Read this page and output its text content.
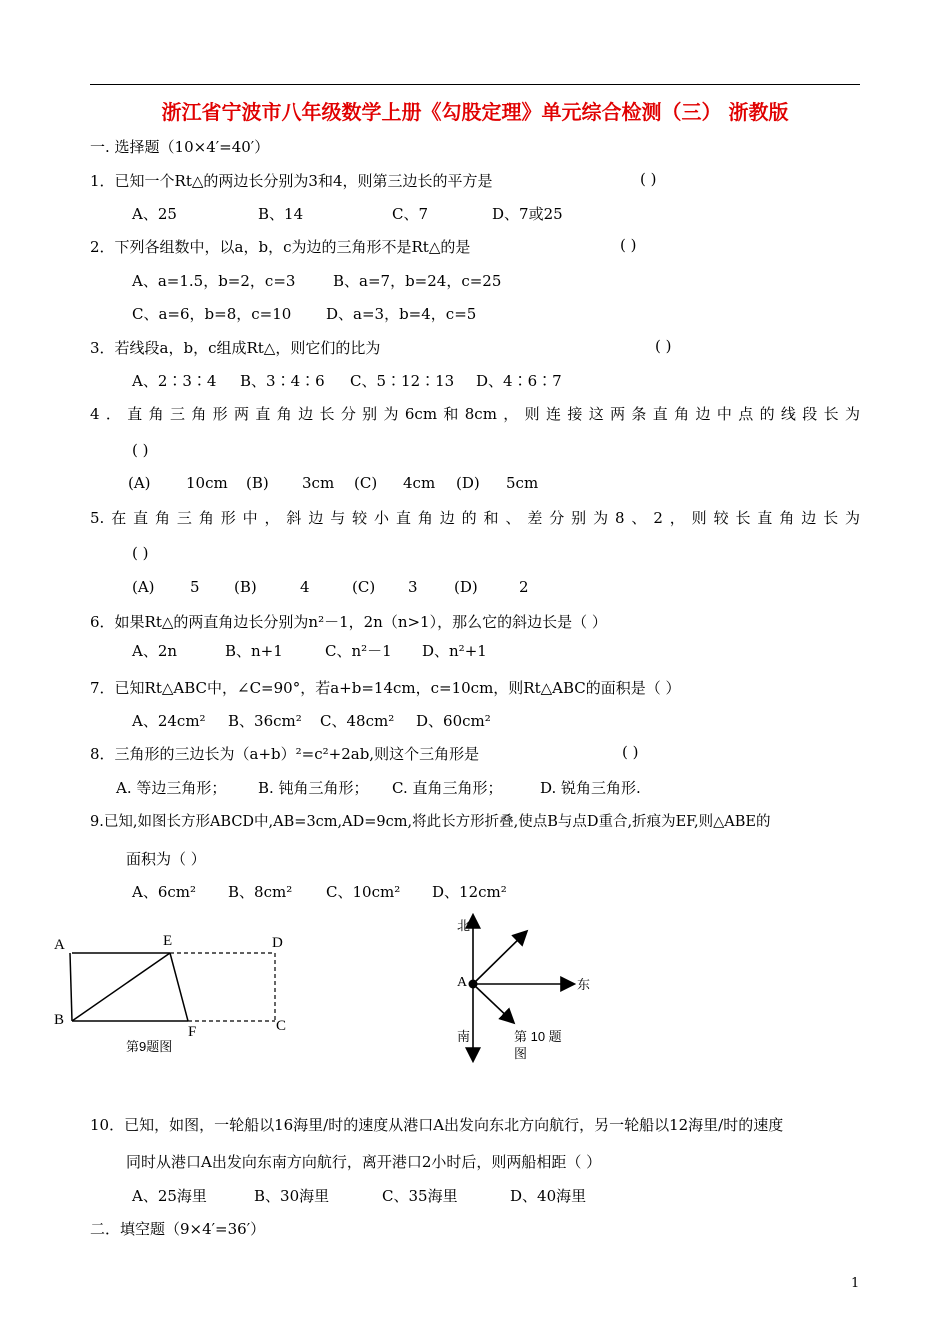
浙江省宁波市八年级数学上册《勾股定理》单元综合检测（三） 浙教版
一. 选择题（10×4′=40′）
1．已知一个Rt△的两边长分别为3和4，则第三边长的平方是	( )
A、25	B、14	C、7	D、7或25
2．下列各组数中，以a，b，c为边的三角形不是Rt△的是	( )
A、a=1.5，b=2，c=3	B、a=7，b=24，c=25
C、a=6，b=8，c=10 D、a=3，b=4，c=5
3．若线段a，b，c组成Rt△，则它们的比为	( )
A、2∶3∶4 B、3∶4∶6 C、5∶12∶13 D、4∶6∶7
4．直角三角形两直角边长分别为6cm和8cm，则连接这两条直角边中点的线段长为
( )
(A) 10cm (B) 3cm (C) 4cm (D) 5cm
5.在直角三角形中，斜边与较小直角边的和、差分别为8、2，则较长直角边长为
( )
(A) 5 (B)	4	(C) 3 (D)	2
6．如果Rt△的两直角边长分别为n²－1，2n（n>1），那么它的斜边长是（ ）
A、2n	B、n+1	C、n²－1 D、n²+1
7．已知Rt△ABC中，∠C=90°，若a+b=14cm，c=10cm，则Rt△ABC的面积是（ ）
A、24cm² B、36cm² C、48cm² D、60cm²
8．三角形的三边长为（a+b）²=c²+2ab,则这个三角形是	( )
A. 等边三角形； B. 钝角三角形； C. 直角三角形；	D. 锐角三角形.
9.已知,如图长方形ABCD中,AB=3cm,AD=9cm,将此长方形折叠,使点B与点D重合,折痕为EF,则△ABE的
面积为（ ）
A、6cm² B、8cm² C、10cm² D、12cm²
A	E	D
B
F	C
第9题图
北
南
东
A
第 10 题
图
10．已知，如图，一轮船以16海里/时的速度从港口A出发向东北方向航行，另一轮船以12海里/时的速度
同时从港口A出发向东南方向航行，离开港口2小时后，则两船相距（ ）
A、25海里	B、30海里	C、35海里	D、40海里
二．填空题（9×4′=36′）
1
